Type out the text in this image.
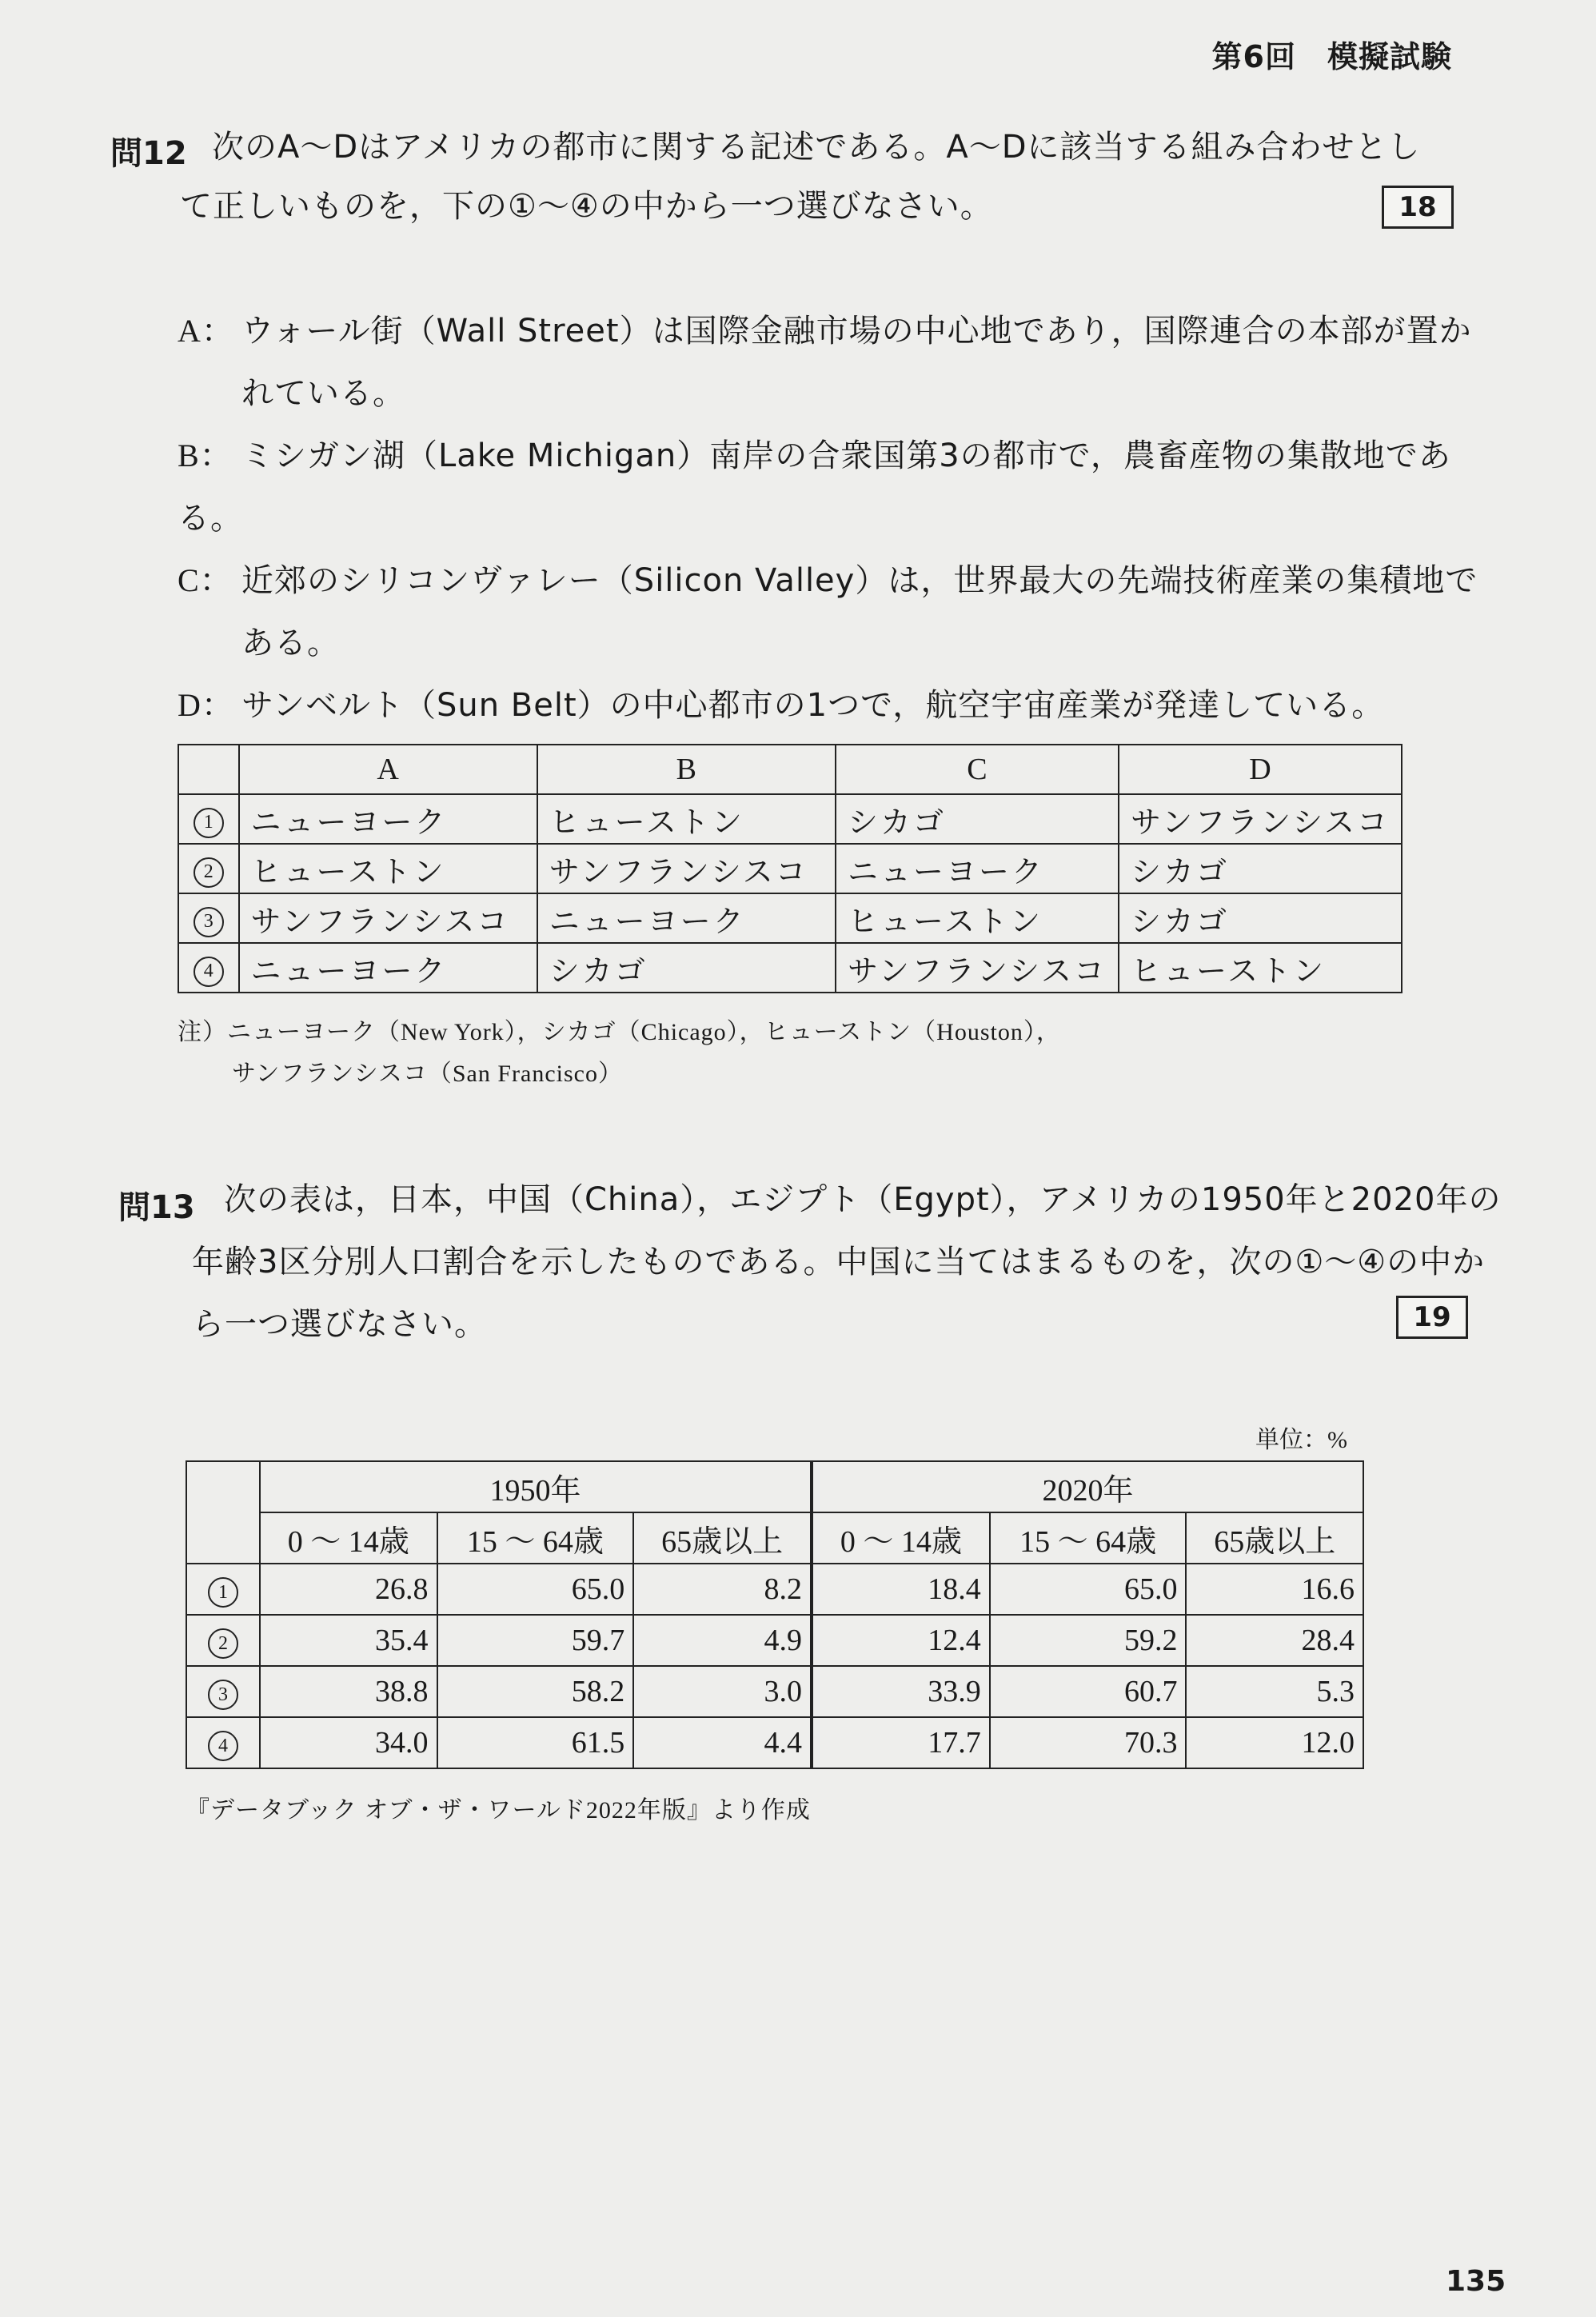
第6回　模擬試験
問12 次のA〜Dはアメリカの都市に関する記述である。A〜Dに該当する組み合わせとし
て正しいものを，下の①〜④の中から一つ選びなさい。	18
A： ウォール街（Wall Street）は国際金融市場の中心地であり，国際連合の本部が置か
れている。
B： ミシガン湖（Lake Michigan）南岸の合衆国第3の都市で，農畜産物の集散地である。
C： 近郊のシリコンヴァレー（Silicon Valley）は，世界最大の先端技術産業の集積地で
ある。
D： サンベルト（Sun Belt）の中心都市の1つで，航空宇宙産業が発達している。
	A	B	C	D
1	ニューヨーク	ヒューストン	シカゴ	サンフランシスコ
2	ヒューストン	サンフランシスコ	ニューヨーク	シカゴ
3	サンフランシスコ	ニューヨーク	ヒューストン	シカゴ
4	ニューヨーク	シカゴ	サンフランシスコ	ヒューストン
注）ニューヨーク（New York），シカゴ（Chicago），ヒューストン（Houston），
サンフランシスコ（San Francisco）
問13 次の表は，日本，中国（China），エジプト（Egypt），アメリカの1950年と2020年の
年齢3区分別人口割合を示したものである。中国に当てはまるものを，次の①〜④の中か
ら一つ選びなさい。	19
単位：%
	1950年			2020年		
	0 〜 14歳	15 〜 64歳	65歳以上	0 〜 14歳	15 〜 64歳	65歳以上
1	26.8	65.0	8.2	18.4	65.0	16.6
2	35.4	59.7	4.9	12.4	59.2	28.4
3	38.8	58.2	3.0	33.9	60.7	5.3
4	34.0	61.5	4.4	17.7	70.3	12.0
『データブック オブ・ザ・ワールド2022年版』より作成
135
